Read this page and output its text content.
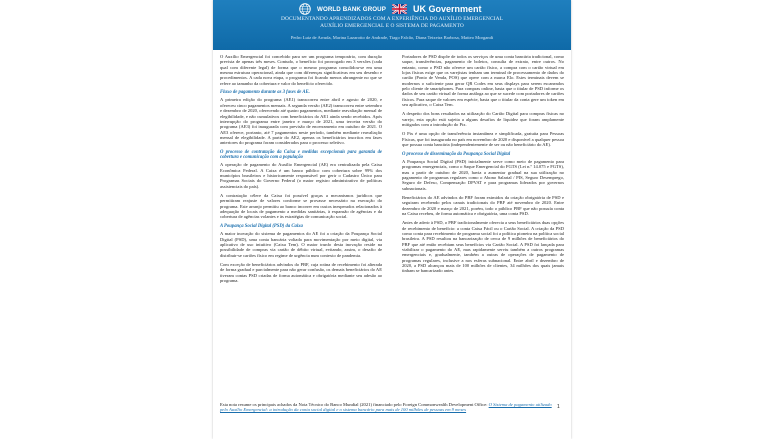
WORLD BANK GROUP	UK Government
DOCUMENTANDO APRENDIZADOS COM A EXPERIÊNCIA DO AUXÍLIO EMERGENCIAL
AUXÍLIO EMERGENCIAL E O SISTEMA DE PAGAMENTO
Pedro Luiz de Arruda, Marina Lazarotto de Andrade, Tiago Falcão, Diana Teixeira Barbosa, Matteo Morgandi

O Auxílio Emergencial foi concebido para ser um programa temporário, com duração prevista de apenas três meses. Contudo, o benefício foi prorrogado em 3 versões (cada qual com diferente legal) de forma que o mesmo programa consolidou-se em uma mesma estrutura operacional, ainda que com diferenças significativas em seu desenho e procedimentos. A cada nova etapa, o programa foi ficando menos abrangente no que se refere ao tamanho da cobertura e valor do benefício oferecido.

Fluxo de pagamento durante as 3 fases de AE.

A primeira edição do programa (AE1) transcorreu entre abril e agosto de 2020, e ofereceu cinco pagamentos mensais. A segunda versão (AE2) transcorreu entre setembro e dezembro de 2020, oferecendo até quatro pagamentos, mediante reavaliação mensal de elegibilidade, e não cumulativos com beneficiários do AE1 ainda sendo recebidos. Após interrupção do programa entre janeiro e março de 2021, uma terceira versão do programa (AE3) foi inaugurada com previsão de encerramento em outubro de 2021. O AE3 oferece, portanto, até 7 pagamentos neste período, também mediante reavaliação mensal de elegibilidade. A partir do AE2, apenas os beneficiários inscritos em fases anteriores do programa foram considerados para o processo seletivo.

O processo de contratação da Caixa e medidas excepcionais para garantia de cobertura e comunicação com a população

A operação de pagamento do Auxílio Emergencial (AE) era centralizada pela Caixa Econômica Federal. A Caixa é um banco público com cobertura sobre 99% dos municípios brasileiros e historicamente responsável por gerir o Cadastro Único para Programas Sociais do Governo Federal (o maior registro administrativo de políticas assistenciais do país).

A contratação célere da Caixa foi possível graças a mecanismos jurídicos que permitiram reajuste de valores conforme se provasse necessário na execução do programa. Este arranjo permitiu ao banco incorrer em custos inesperados relacionados à adequação de locais de pagamento a medidas sanitárias, à expansão de agências e da cobertura de agências volantes e às estratégias de comunicação social.

A Poupança Social Digital (PSD) da Caixa

A maior inovação do sistema de pagamentos do AE foi a criação da Poupança Social Digital (PSD), uma conta bancária voltada para movimentação por meio digital, via aplicativo de uso intuitivo (Caixa Tem). O maior trunfo desta inovação reside na possibilidade de compras via cartão de débito virtual, evitando, assim, o desafio de distribuir-se cartões físico em regime de urgência num contexto de pandemia.

Com exceção de beneficiários advindos do PBF, cuja rotina de recebimento foi alterada de forma gradual e parcialmente para não gerar confusão, os demais beneficiários do AE tiveram contas PSD criadas de forma automática e obrigatória mediante seu adesão ao programa.

Portadores de PSD dispõe de todos os serviços de uma conta bancária tradicional, como saque, transferências, pagamento de boletos, consulta de extrato, entre outros. No entanto, como o PSD não oferece um cartão físico, a compra com o cartão virtual em lojas físicas exige que os varejistas tenham um terminal de processamento de dados do cartão (Ponto de Venda, POS) que opere com a marca Elo. Estes terminais devem se modernos o suficiente para gerar QR Codes em seus displays para serem escaneados pelo cliente de smartphones. Para compras online, basta que o titular de PSD informe os dados de seu cartão virtual de forma análoga ao que se sucede com portadores de cartões físicos. Para saque de valores em espécie, basta que o titular da conta gere um token em seu aplicativo, o Caixa Tem.

A despeito dos bons resultados na utilização do Cartão Digital para compras físicas no varejo, esta opção está sujeita a alguns desafios de liquidez que foram amplamente mitigados com a introdução do Pix.

O Pix é uma opção de transferência instantânea e simplificada, gratuita para Pessoas Físicas, que foi inaugurada no país em novembro de 2020 e disponível a qualquer pessoa que possua conta bancária (independentemente de ser ou não beneficiário do AE).

O processo de disseminação da Poupança Social Digital

A Poupança Social Digital (PSD) inicialmente serve como meio de pagamento para programas emergenciais, como o Saque Emergencial do FGTS (Lei n.º 14.075 e FGTS), mas a partir de outubro de 2020, havia a aumentar gradual na sua utilização no pagamento de programas regulares como o Abono Salarial / PIS, Seguro Desemprego, Seguro de Defeso, Compensação DPVAT e para programas liderados por governos subnacionais.

Beneficiários do AE advindos do PBF foram eximidos da criação obrigatória de PSD e seguiram recebendo pelos canais tradicionais do PBF até novembro de 2020. Entre dezembro de 2020 e março de 2021, porém, todo o público PBF que não possuía conta na Caixa recebeu, de forma automática e obrigatória, uma conta PSD.

Antes de aderir à PSD, o PBF tradicionalmente oferecia a seus beneficiários duas opções de recebimento de benefício: a conta Caixa Fácil ou o Cartão Social. A criação da PSD como conta para recebimento de programa social foi a política pioneira na política social brasileira. A PSD resultou na bancarização de cerca de 9 milhões de beneficiários do PBF que até então recebiam seus benefícios via Cartão Social. A PSD foi lançada para viabilizar o pagamento do AE, mas rapidamente serviu também a outros programas emergenciais e, gradualmente, também a outras de operações de pagamento de programas regulares, inclusive a nos esferas subnacional. Entre abril e dezembro de 2020, a PSD alcançou mais de 100 milhões de clientes, 34 milhões dos quais jamais tinham se bancarizado antes.

Esta nota resume os principais achados da Nota Técnico do Banco Mundial (2021) financiado pelo Foreign Commonwealth Development Office: O Sistema de pagamento utilizado pelo Auxílio Emergencial: a introdução da conta social digital e o sistema bancário para mais de 100 milhões de pessoas em 9 meses	1
